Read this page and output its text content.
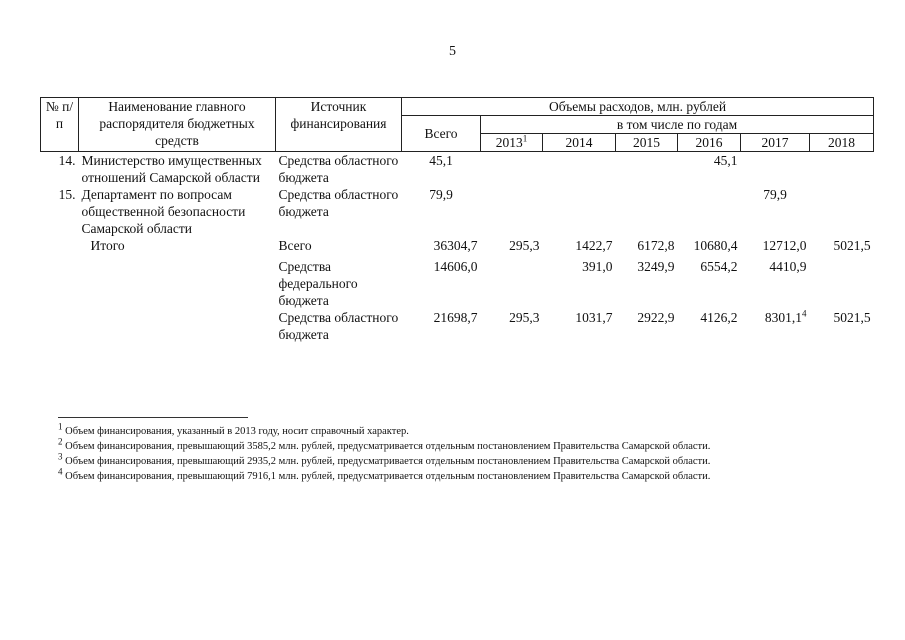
5
№ п/п	Наименование главного распорядителя бюджетных средств	Источник финансирования	Объемы расходов, млн. рублей						
			Всего	в том числе по годам					
				2013$^1$	2014	2015	2016	2017	2018
14.	Министерство имущественных отношений Самарской области	Средства областного бюджета	45,1				45,1		
15.	Департамент по вопросам общественной безопасности Самарской области	Средства областного бюджета	79,9					79,9	
	Итого	Всего	36304,7	295,3	1422,7	6172,8	10680,4	12712,0	5021,5

		Средства федерального бюджета	14606,0		391,0	3249,9	6554,2	4410,9	
		Средства областного бюджета	21698,7	295,3	1031,7	2922,9	4126,2	8301,1$^4$	5021,5
$^1$ Объем финансирования, указанный в 2013 году, носит справочный характер.
$^2$ Объем финансирования, превышающий 3585,2 млн. рублей, предусматривается отдельным постановлением Правительства Самарской области.
$^3$ Объем финансирования, превышающий 2935,2 млн. рублей, предусматривается отдельным постановлением Правительства Самарской области.
$^4$ Объем финансирования, превышающий 7916,1 млн. рублей, предусматривается отдельным постановлением Правительства Самарской области.
